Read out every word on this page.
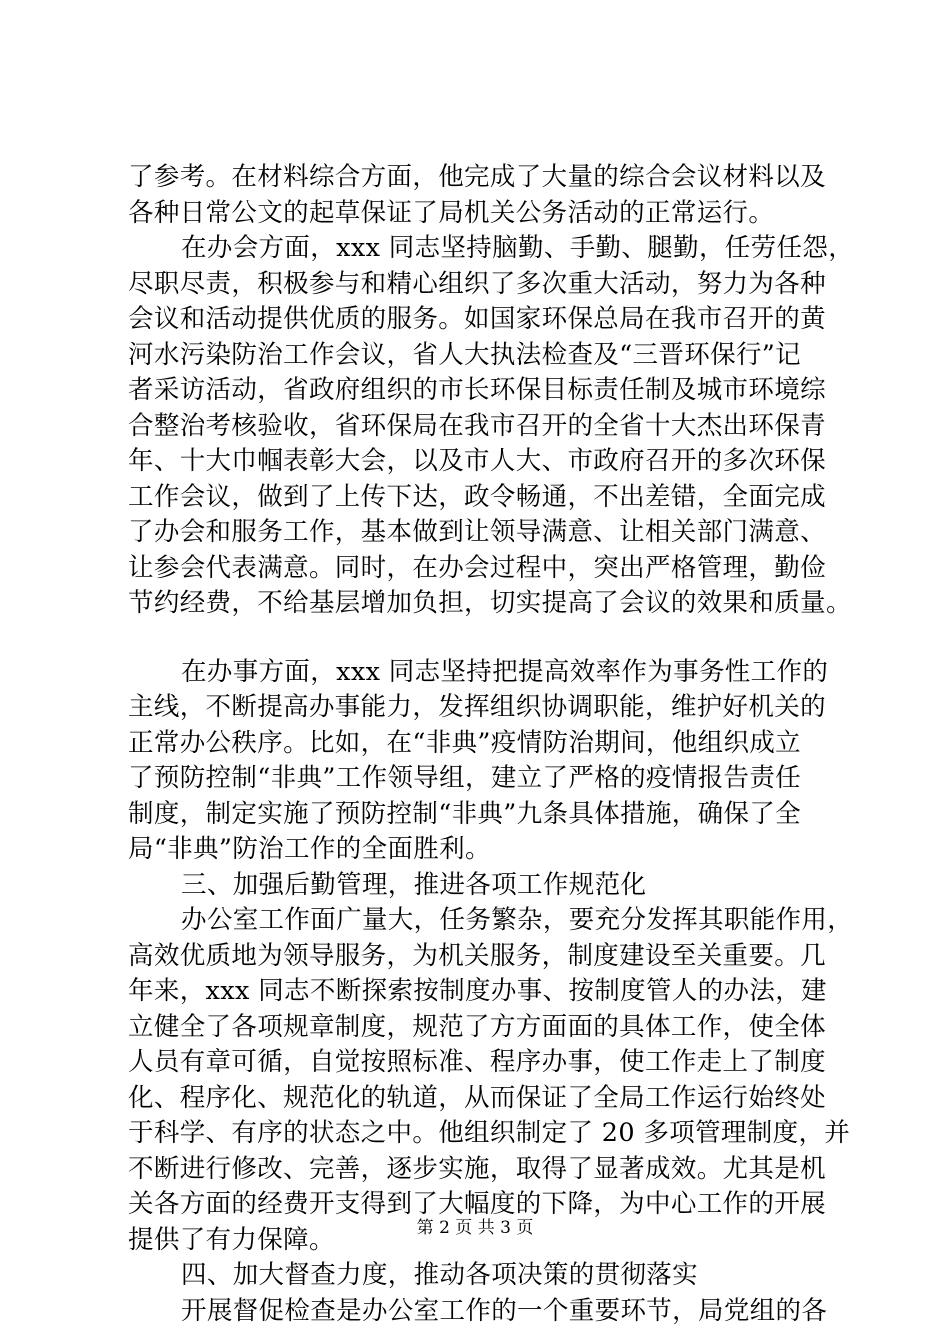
了参考。在材料综合方面，他完成了大量的综合会议材料以及
各种日常公文的起草保证了局机关公务活动的正常运行。
在办会方面，xxx 同志坚持脑勤、手勤、腿勤，任劳任怨，
尽职尽责，积极参与和精心组织了多次重大活动，努力为各种
会议和活动提供优质的服务。如国家环保总局在我市召开的黄
河水污染防治工作会议，省人大执法检查及“三晋环保行”记
者采访活动，省政府组织的市长环保目标责任制及城市环境综
合整治考核验收，省环保局在我市召开的全省十大杰出环保青
年、十大巾帼表彰大会，以及市人大、市政府召开的多次环保
工作会议，做到了上传下达，政令畅通，不出差错，全面完成
了办会和服务工作，基本做到让领导满意、让相关部门满意、
让参会代表满意。同时，在办会过程中，突出严格管理，勤俭
节约经费，不给基层增加负担，切实提高了会议的效果和质量。
在办事方面，xxx 同志坚持把提高效率作为事务性工作的
主线，不断提高办事能力，发挥组织协调职能，维护好机关的
正常办公秩序。比如，在“非典”疫情防治期间，他组织成立
了预防控制“非典”工作领导组，建立了严格的疫情报告责任
制度，制定实施了预防控制“非典”九条具体措施，确保了全
局“非典”防治工作的全面胜利。
三、加强后勤管理，推进各项工作规范化
办公室工作面广量大，任务繁杂，要充分发挥其职能作用，
高效优质地为领导服务，为机关服务，制度建设至关重要。几
年来，xxx 同志不断探索按制度办事、按制度管人的办法，建
立健全了各项规章制度，规范了方方面面的具体工作，使全体
人员有章可循，自觉按照标准、程序办事，使工作走上了制度
化、程序化、规范化的轨道，从而保证了全局工作运行始终处
于科学、有序的状态之中。他组织制定了 20 多项管理制度，并
不断进行修改、完善，逐步实施，取得了显著成效。尤其是机
关各方面的经费开支得到了大幅度的下降，为中心工作的开展
提供了有力保障。
四、加大督查力度，推动各项决策的贯彻落实
开展督促检查是办公室工作的一个重要环节，局党组的各
第 2 页 共 3 页
